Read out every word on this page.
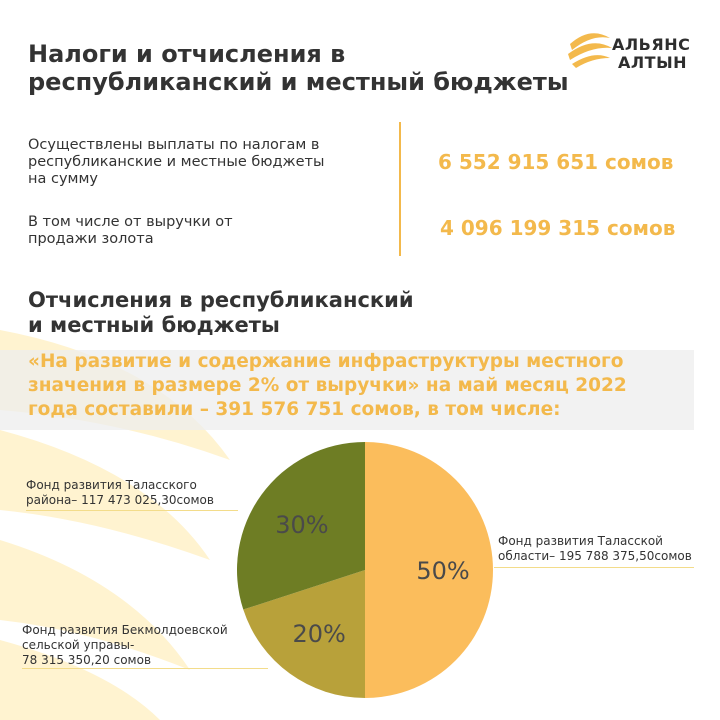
АЛЬЯНС
АЛТЫН
Налоги и отчисления в
республиканский и местный бюджеты
Осуществлены выплаты по налогам в
республиканские и местные бюджеты
на сумму
6 552 915 651 сомов
В том числе от выручки от
продажи золота	4 096 199 315 сомов
Отчисления в республиканский
и местный бюджеты
«На развитие и содержание инфраструктуры местного
значения в размере 2% от выручки» на май месяц 2022
года составили – 391 576 751 сомов, в том числе:
50%
20%
30%
Фонд развития Таласского
района– 117 473 025,30сомов
Фонд развития Таласской
области– 195 788 375,50сомов
Фонд развития Бекмолдоевской
сельской управы-
78 315 350,20 сомов
